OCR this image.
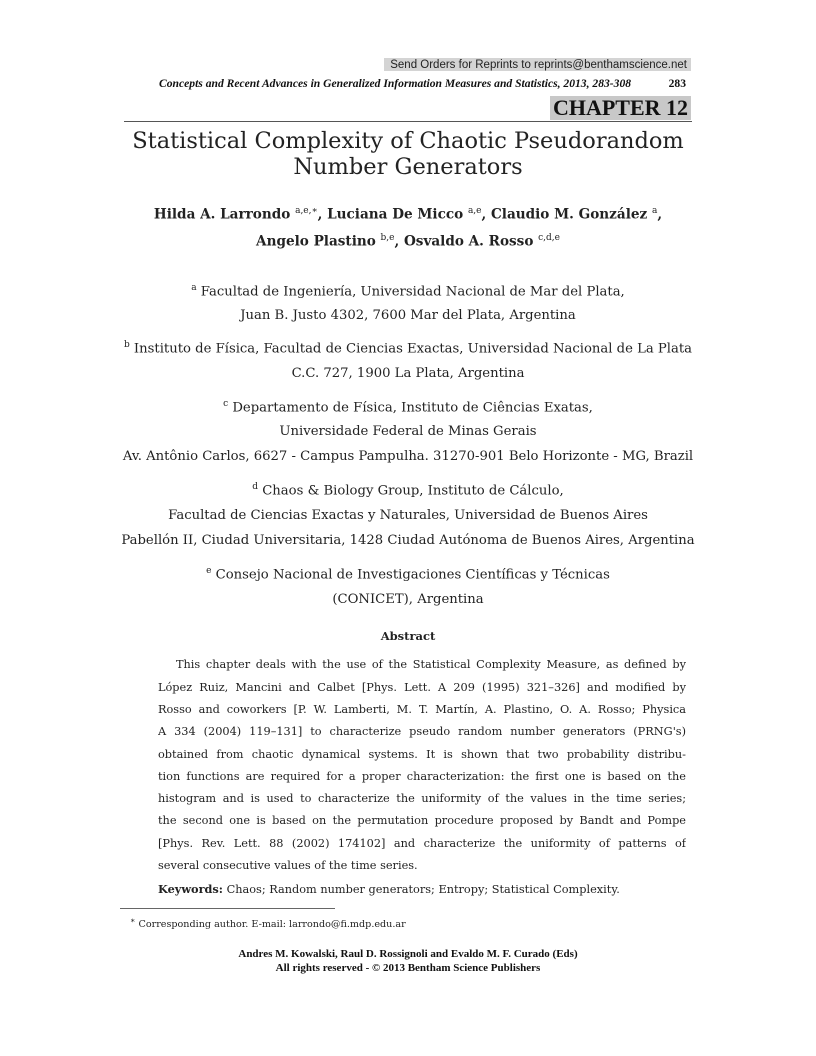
Send Orders for Reprints to reprints@benthamscience.net
Concepts and Recent Advances in Generalized Information Measures and Statistics, 2013, 283-308	283
CHAPTER 12
Statistical Complexity of Chaotic Pseudorandom
Number Generators
Hilda A. Larrondo $^{a,e,∗}$, Luciana De Micco $^{a,e}$, Claudio M. González $^a$,
Angelo Plastino $^{b,e}$, Osvaldo A. Rosso $^{c,d,e}$
$^a$ Facultad de Ingeniería, Universidad Nacional de Mar del Plata,
Juan B. Justo 4302, 7600 Mar del Plata, Argentina
$^b$ Instituto de Física, Facultad de Ciencias Exactas, Universidad Nacional de La Plata
C.C. 727, 1900 La Plata, Argentina
$^c$ Departamento de Física, Instituto de Ciências Exatas,
Universidade Federal de Minas Gerais
Av. Antônio Carlos, 6627 - Campus Pampulha. 31270-901 Belo Horizonte - MG, Brazil
$^d$ Chaos & Biology Group, Instituto de Cálculo,
Facultad de Ciencias Exactas y Naturales, Universidad de Buenos Aires
Pabellón II, Ciudad Universitaria, 1428 Ciudad Autónoma de Buenos Aires, Argentina
$^e$ Consejo Nacional de Investigaciones Científicas y Técnicas
(CONICET), Argentina
Abstract
This chapter deals with the use of the Statistical Complexity Measure, as defined by
López Ruiz, Mancini and Calbet [Phys. Lett. A 209 (1995) 321–326] and modified by
Rosso and coworkers [P. W. Lamberti, M. T. Martín, A. Plastino, O. A. Rosso; Physica
A 334 (2004) 119–131] to characterize pseudo random number generators (PRNG's)
obtained from chaotic dynamical systems. It is shown that two probability distribu-
tion functions are required for a proper characterization: the first one is based on the
histogram and is used to characterize the uniformity of the values in the time series;
the second one is based on the permutation procedure proposed by Bandt and Pompe
[Phys. Rev. Lett. 88 (2002) 174102] and characterize the uniformity of patterns of
several consecutive values of the time series.
Keywords: Chaos; Random number generators; Entropy; Statistical Complexity.
∗ Corresponding author. E-mail: larrondo@fi.mdp.edu.ar
Andres M. Kowalski, Raul D. Rossignoli and Evaldo M. F. Curado (Eds)
All rights reserved - © 2013 Bentham Science Publishers
